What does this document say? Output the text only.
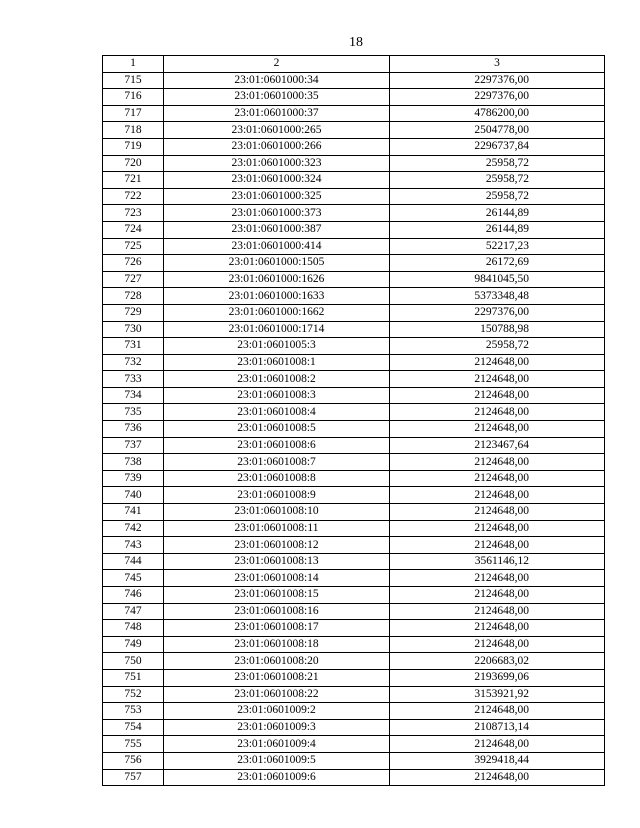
18
1	2	3
715	23:01:0601000:34	2297376,00
716	23:01:0601000:35	2297376,00
717	23:01:0601000:37	4786200,00
718	23:01:0601000:265	2504778,00
719	23:01:0601000:266	2296737,84
720	23:01:0601000:323	25958,72
721	23:01:0601000:324	25958,72
722	23:01:0601000:325	25958,72
723	23:01:0601000:373	26144,89
724	23:01:0601000:387	26144,89
725	23:01:0601000:414	52217,23
726	23:01:0601000:1505	26172,69
727	23:01:0601000:1626	9841045,50
728	23:01:0601000:1633	5373348,48
729	23:01:0601000:1662	2297376,00
730	23:01:0601000:1714	150788,98
731	23:01:0601005:3	25958,72
732	23:01:0601008:1	2124648,00
733	23:01:0601008:2	2124648,00
734	23:01:0601008:3	2124648,00
735	23:01:0601008:4	2124648,00
736	23:01:0601008:5	2124648,00
737	23:01:0601008:6	2123467,64
738	23:01:0601008:7	2124648,00
739	23:01:0601008:8	2124648,00
740	23:01:0601008:9	2124648,00
741	23:01:0601008:10	2124648,00
742	23:01:0601008:11	2124648,00
743	23:01:0601008:12	2124648,00
744	23:01:0601008:13	3561146,12
745	23:01:0601008:14	2124648,00
746	23:01:0601008:15	2124648,00
747	23:01:0601008:16	2124648,00
748	23:01:0601008:17	2124648,00
749	23:01:0601008:18	2124648,00
750	23:01:0601008:20	2206683,02
751	23:01:0601008:21	2193699,06
752	23:01:0601008:22	3153921,92
753	23:01:0601009:2	2124648,00
754	23:01:0601009:3	2108713,14
755	23:01:0601009:4	2124648,00
756	23:01:0601009:5	3929418,44
757	23:01:0601009:6	2124648,00
